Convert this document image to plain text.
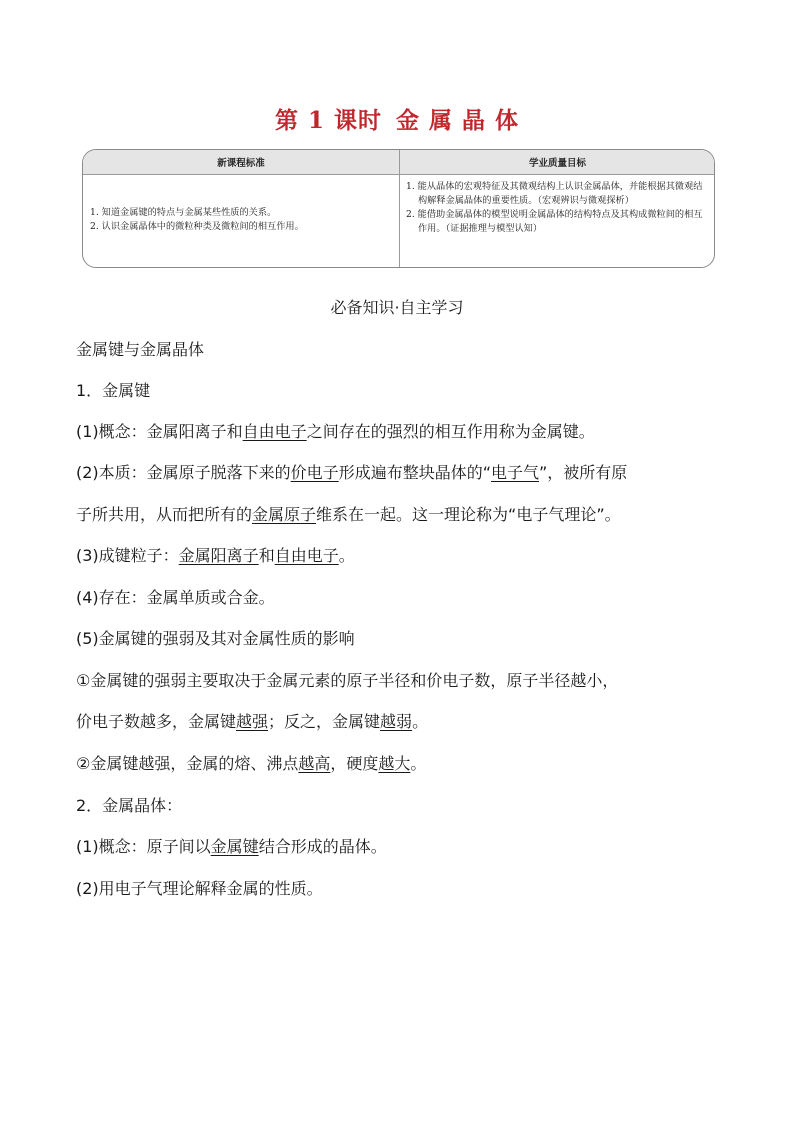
第 1 课时 金 属 晶 体
新课程标准	学业质量目标
1. 知道金属键的特点与金属某些性质的关系。
2. 认识金属晶体中的微粒种类及微粒间的相互作用。
1. 能从晶体的宏观特征及其微观结构上认识金属晶体，并能根据其微观结构解释金属晶体的重要性质。（宏观辨识与微观探析）
2. 能借助金属晶体的模型说明金属晶体的结构特点及其构成微粒间的相互作用。（证据推理与模型认知）
必备知识·自主学习
金属键与金属晶体
1．金属键
(1)概念：金属阳离子和自由电子之间存在的强烈的相互作用称为金属键。
(2)本质：金属原子脱落下来的价电子形成遍布整块晶体的“电子气”，被所有原
子所共用，从而把所有的金属原子维系在一起。这一理论称为“电子气理论”。
(3)成键粒子：金属阳离子和自由电子。
(4)存在：金属单质或合金。
(5)金属键的强弱及其对金属性质的影响
①金属键的强弱主要取决于金属元素的原子半径和价电子数，原子半径越小，
价电子数越多，金属键越强；反之，金属键越弱。
②金属键越强，金属的熔、沸点越高，硬度越大。
2．金属晶体：
(1)概念：原子间以金属键结合形成的晶体。
(2)用电子气理论解释金属的性质。
